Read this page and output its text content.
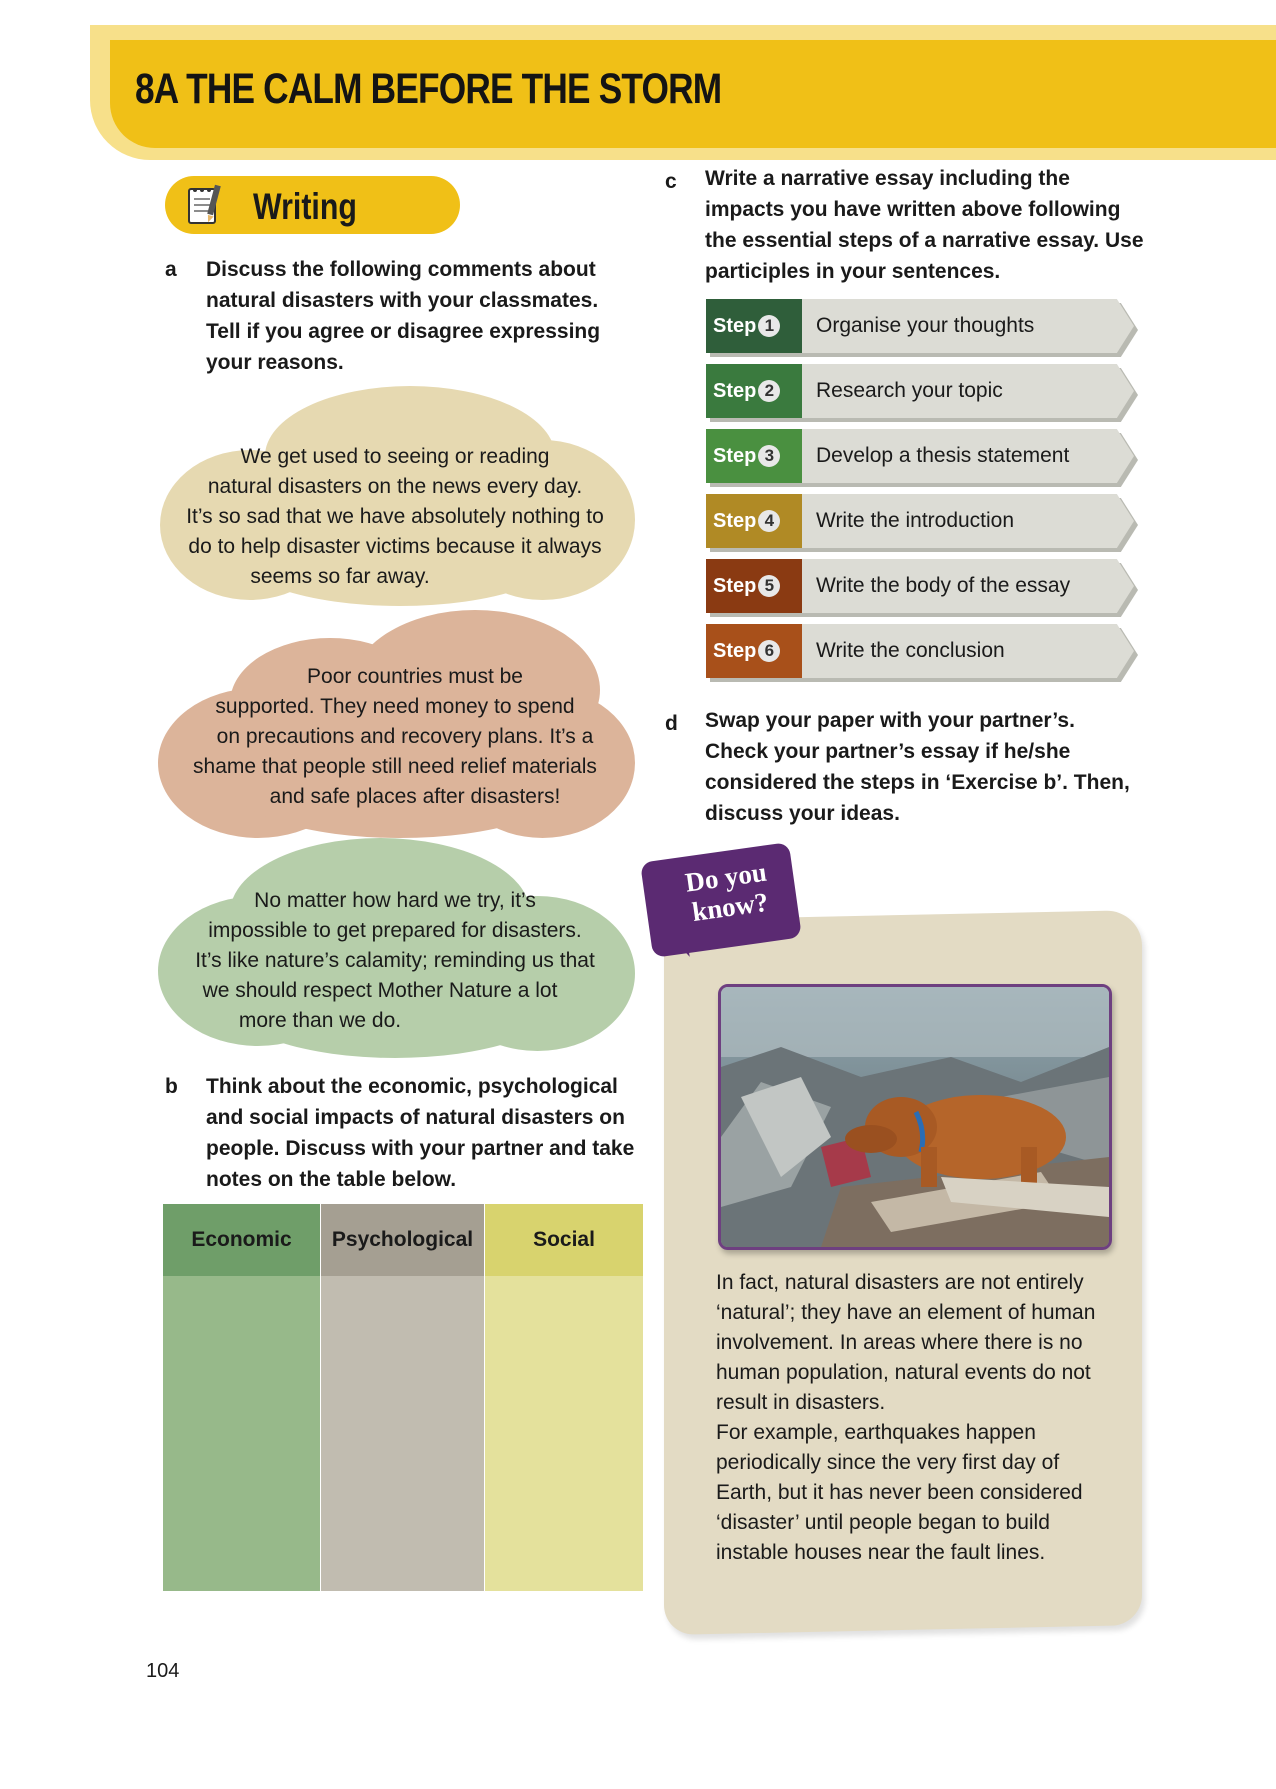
8A THE CALM BEFORE THE STORM
Writing
a Discuss the following comments about natural disasters with your classmates. Tell if you agree or disagree expressing your reasons.
We get used to seeing or reading
natural disasters on the news every day.
It’s so sad that we have absolutely nothing to
do to help disaster victims because it always
seems so far away.
Poor countries must be
supported. They need money to spend
on precautions and recovery plans. It’s a
shame that people still need relief materials
and safe places after disasters!
No matter how hard we try, it’s
impossible to get prepared for disasters.
It’s like nature’s calamity; reminding us that
we should respect Mother Nature a lot
more than we do.
b Think about the economic, psychological and social impacts of natural disasters on people. Discuss with your partner and take notes on the table below.
Economic	Psychological	Social
c Write a narrative essay including the impacts you have written above following the essential steps of a narrative essay. Use participles in your sentences.
Step 1 Organise your thoughts
Step 2 Research your topic
Step 3 Develop a thesis statement
Step 4 Write the introduction
Step 5 Write the body of the essay
Step 6 Write the conclusion
d Swap your paper with your partner’s. Check your partner’s essay if he/she considered the steps in ‘Exercise b’. Then, discuss your ideas.
Do you
know?
In fact, natural disasters are not entirely ‘natural’; they have an element of human involvement. In areas where there is no human population, natural events do not result in disasters.
For example, earthquakes happen periodically since the very first day of Earth, but it has never been considered ‘disaster’ until people began to build instable houses near the fault lines.
104
